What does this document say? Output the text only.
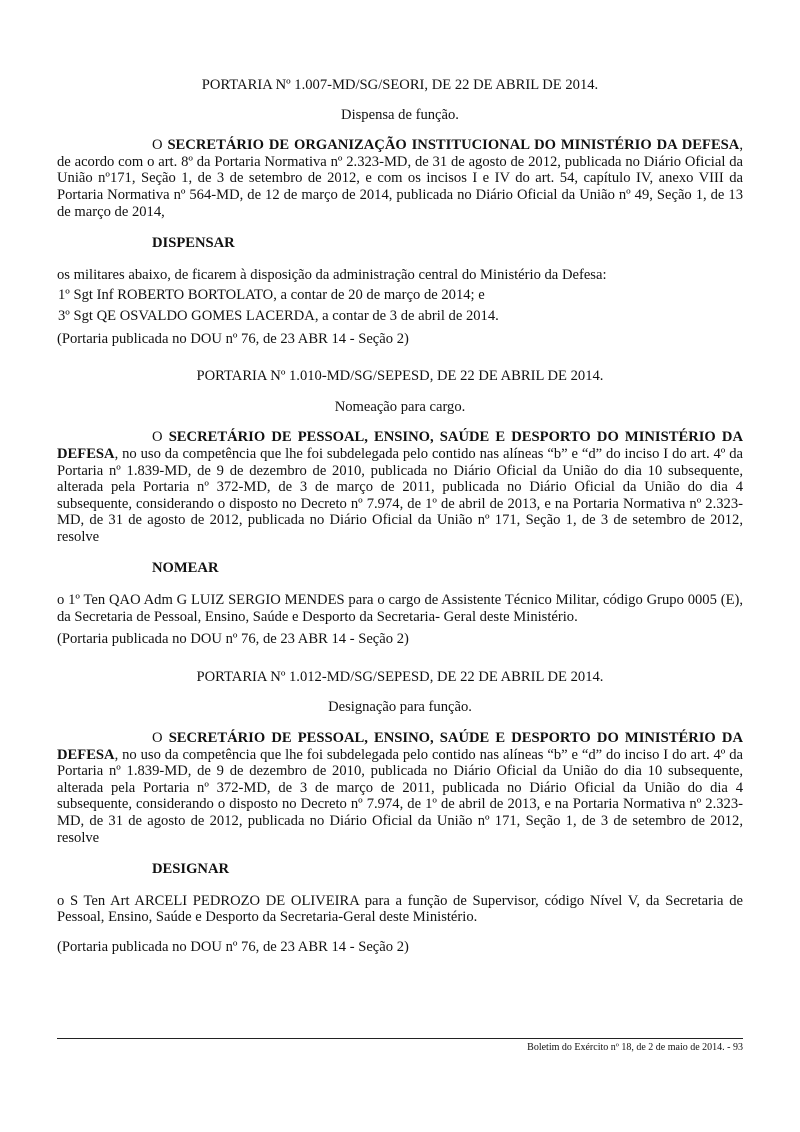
PORTARIA Nº 1.007-MD/SG/SEORI, DE 22 DE ABRIL DE 2014.

Dispensa de função.

O SECRETÁRIO DE ORGANIZAÇÃO INSTITUCIONAL DO MINISTÉRIO DA DEFESA, de acordo com o art. 8º da Portaria Normativa nº 2.323-MD, de 31 de agosto de 2012, publicada no Diário Oficial da União nº171, Seção 1, de 3 de setembro de 2012, e com os incisos I e IV do art. 54, capítulo IV, anexo VIII da Portaria Normativa nº 564-MD, de 12 de março de 2014, publicada no Diário Oficial da União nº 49, Seção 1, de 13 de março de 2014,

DISPENSAR

os militares abaixo, de ficarem à disposição da administração central do Ministério da Defesa:

1º Sgt Inf ROBERTO BORTOLATO, a contar de 20 de março de 2014; e

3º Sgt QE OSVALDO GOMES LACERDA, a contar de 3 de abril de 2014.

(Portaria publicada no DOU nº 76, de 23 ABR 14 - Seção 2)

PORTARIA Nº 1.010-MD/SG/SEPESD, DE 22 DE ABRIL DE 2014.

Nomeação para cargo.

O SECRETÁRIO DE PESSOAL, ENSINO, SAÚDE E DESPORTO DO MINISTÉRIO DA DEFESA, no uso da competência que lhe foi subdelegada pelo contido nas alíneas “b” e “d” do inciso I do art. 4º da Portaria nº 1.839-MD, de 9 de dezembro de 2010, publicada no Diário Oficial da União do dia 10 subsequente, alterada pela Portaria nº 372-MD, de 3 de março de 2011, publicada no Diário Oficial da União do dia 4 subsequente, considerando o disposto no Decreto nº 7.974, de 1º de abril de 2013, e na Portaria Normativa nº 2.323-MD, de 31 de agosto de 2012, publicada no Diário Oficial da União nº 171, Seção 1, de 3 de setembro de 2012, resolve

NOMEAR

o 1º Ten QAO Adm G LUIZ SERGIO MENDES para o cargo de Assistente Técnico Militar, código Grupo 0005 (E), da Secretaria de Pessoal, Ensino, Saúde e Desporto da Secretaria- Geral deste Ministério.

(Portaria publicada no DOU nº 76, de 23 ABR 14 - Seção 2)

PORTARIA Nº 1.012-MD/SG/SEPESD, DE 22 DE ABRIL DE 2014.

Designação para função.

O SECRETÁRIO DE PESSOAL, ENSINO, SAÚDE E DESPORTO DO MINISTÉRIO DA DEFESA, no uso da competência que lhe foi subdelegada pelo contido nas alíneas “b” e “d” do inciso I do art. 4º da Portaria nº 1.839-MD, de 9 de dezembro de 2010, publicada no Diário Oficial da União do dia 10 subsequente, alterada pela Portaria nº 372-MD, de 3 de março de 2011, publicada no Diário Oficial da União do dia 4 subsequente, considerando o disposto no Decreto nº 7.974, de 1º de abril de 2013, e na Portaria Normativa nº 2.323-MD, de 31 de agosto de 2012, publicada no Diário Oficial da União nº 171, Seção 1, de 3 de setembro de 2012, resolve

DESIGNAR

o S Ten Art ARCELI PEDROZO DE OLIVEIRA para a função de Supervisor, código Nível V, da Secretaria de Pessoal, Ensino, Saúde e Desporto da Secretaria-Geral deste Ministério.

(Portaria publicada no DOU nº 76, de 23 ABR 14 - Seção 2)

Boletim do Exército nº 18, de 2 de maio de 2014. - 93
